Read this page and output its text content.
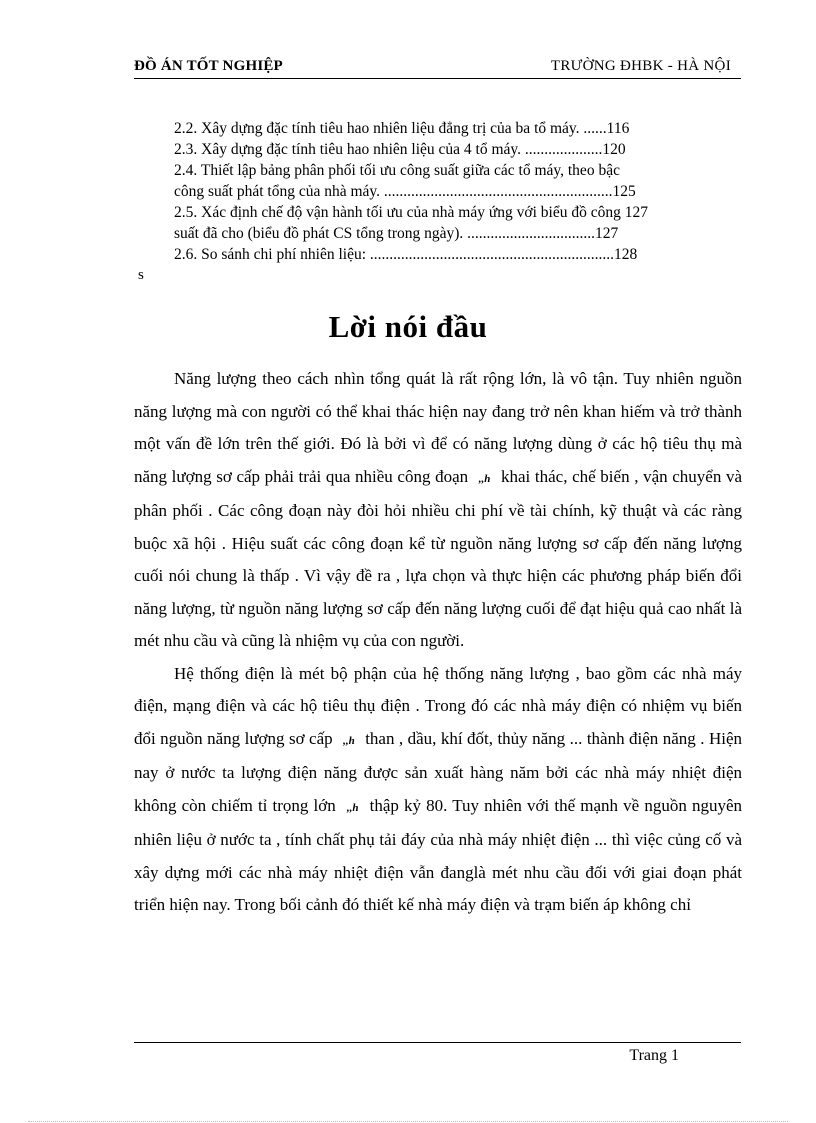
ĐỒ ÁN TỐT NGHIỆP	TRƯỜNG ĐHBK - HÀ NỘI
2.2. Xây dựng đặc tính tiêu hao nhiên liệu đẳng trị của ba tổ máy. ......116
2.3. Xây dựng đặc tính tiêu hao nhiên liệu của 4 tổ máy. ....................120
2.4. Thiết lập bảng phân phối tối ưu công suất giữa các tổ máy, theo bậc
công suất phát tổng của nhà máy. ...........................................................125
2.5. Xác định chế độ vận hành tối ưu của nhà máy ứng với biểu đồ công 127
suất đã cho (biểu đồ phát CS tổng trong ngày). .................................127
2.6. So sánh chi phí nhiên liệu: ...............................................................128
s
Lời nói đầu

Năng lượng theo cách nhìn tổng quát là rất rộng lớn, là vô tận. Tuy nhiên nguồn năng lượng mà con người có thể khai thác hiện nay đang trở nên khan hiếm và trở thành một vấn đề lớn trên thế giới. Đó là bởi vì để có năng lượng dùng ở các hộ tiêu thụ mà năng lượng sơ cấp phải trải qua nhiều công đoạn ,,h khai thác, chế biến , vận chuyển và phân phối . Các công đoạn này đòi hỏi nhiều chi phí về tài chính, kỹ thuật và các ràng buộc xã hội . Hiệu suất các công đoạn kể từ nguồn năng lượng sơ cấp đến năng lượng cuối nói chung là thấp . Vì vậy đề ra , lựa chọn và thực hiện các phương pháp biến đổi năng lượng, từ nguồn năng lượng sơ cấp đến năng lượng cuối để đạt hiệu quả cao nhất là mét nhu cầu và cũng là nhiệm vụ của con người.

Hệ thống điện là mét bộ phận của hệ thống năng lượng , bao gồm các nhà máy điện, mạng điện và các hộ tiêu thụ điện . Trong đó các nhà máy điện có nhiệm vụ biến đổi nguồn năng lượng sơ cấp ,,h than , dầu, khí đốt, thủy năng ... thành điện năng . Hiện nay ở nước ta lượng điện năng được sản xuất hàng năm bởi các nhà máy nhiệt điện không còn chiếm tỉ trọng lớn ,,h thập kỷ 80. Tuy nhiên với thế mạnh về nguồn nguyên nhiên liệu ở nước ta , tính chất phụ tải đáy của nhà máy nhiệt điện ... thì việc củng cố và xây dựng mới các nhà máy nhiệt điện vẫn đanglà mét nhu cầu đối với giai đoạn phát triển hiện nay. Trong bối cảnh đó thiết kế nhà máy điện và trạm biến áp không chỉ

Trang 1
